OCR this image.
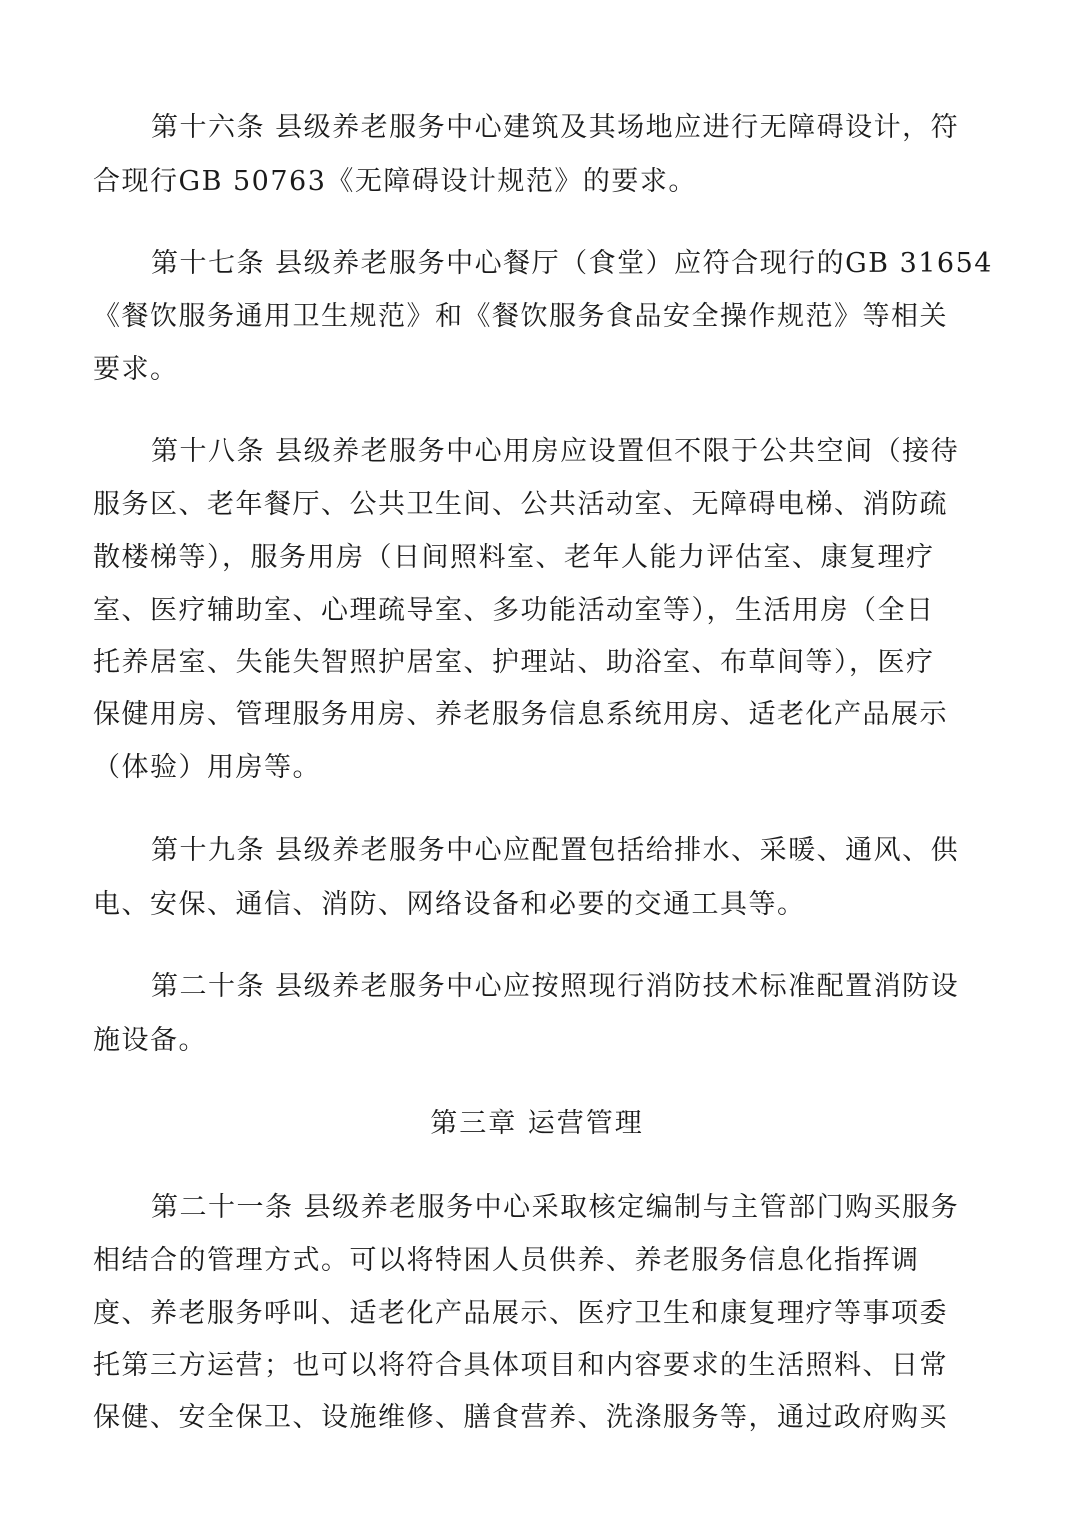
第十六条 县级养老服务中心建筑及其场地应进行无障碍设计，符
合现行GB 50763《无障碍设计规范》的要求。
第十七条 县级养老服务中心餐厅（食堂）应符合现行的GB 31654
《餐饮服务通用卫生规范》和《餐饮服务食品安全操作规范》等相关
要求。
第十八条 县级养老服务中心用房应设置但不限于公共空间（接待
服务区、老年餐厅、公共卫生间、公共活动室、无障碍电梯、消防疏
散楼梯等），服务用房（日间照料室、老年人能力评估室、康复理疗
室、医疗辅助室、心理疏导室、多功能活动室等），生活用房（全日
托养居室、失能失智照护居室、护理站、助浴室、布草间等），医疗
保健用房、管理服务用房、养老服务信息系统用房、适老化产品展示
（体验）用房等。
第十九条 县级养老服务中心应配置包括给排水、采暖、通风、供
电、安保、通信、消防、网络设备和必要的交通工具等。
第二十条 县级养老服务中心应按照现行消防技术标准配置消防设
施设备。
第三章 运营管理
第二十一条 县级养老服务中心采取核定编制与主管部门购买服务
相结合的管理方式。可以将特困人员供养、养老服务信息化指挥调
度、养老服务呼叫、适老化产品展示、医疗卫生和康复理疗等事项委
托第三方运营；也可以将符合具体项目和内容要求的生活照料、日常
保健、安全保卫、设施维修、膳食营养、洗涤服务等，通过政府购买
